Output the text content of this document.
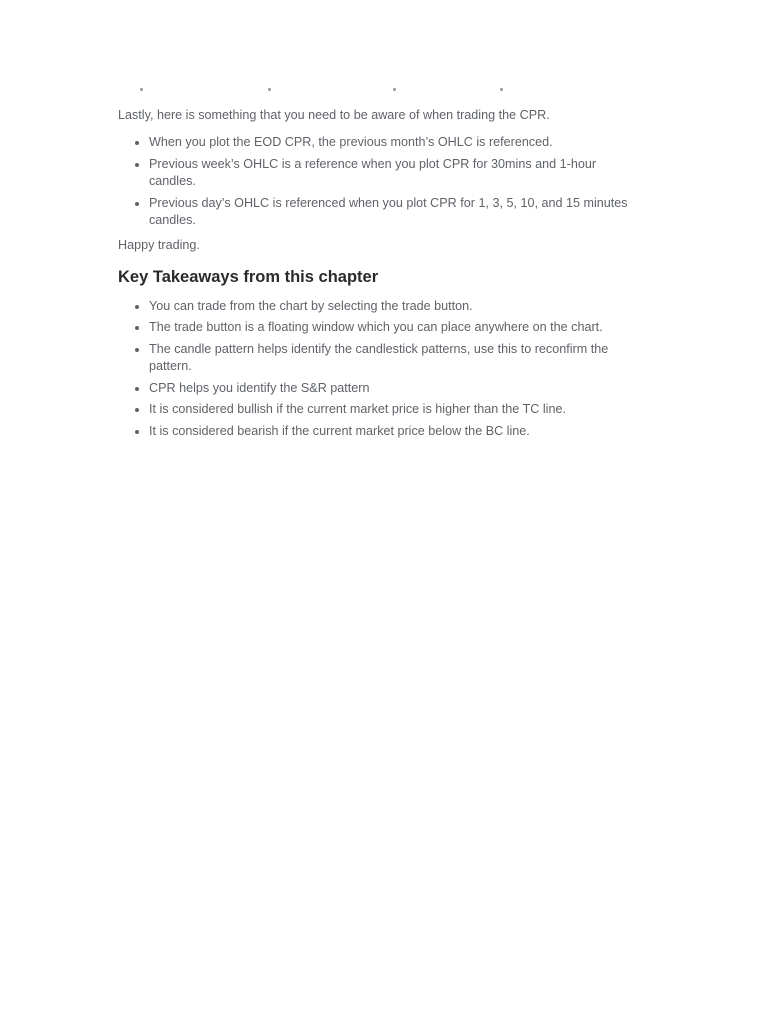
Lastly, here is something that you need to be aware of when trading the CPR.

When you plot the EOD CPR, the previous month’s OHLC is referenced.
Previous week’s OHLC is a reference when you plot CPR for 30mins and 1-hour candles.
Previous day’s OHLC is referenced when you plot CPR for 1, 3, 5, 10, and 15 minutes candles.

Happy trading.

Key Takeaways from this chapter
You can trade from the chart by selecting the trade button.
The trade button is a floating window which you can place anywhere on the chart.
The candle pattern helps identify the candlestick patterns, use this to reconfirm the pattern.
CPR helps you identify the S&R pattern
It is considered bullish if the current market price is higher than the TC line.
It is considered bearish if the current market price below the BC line.
